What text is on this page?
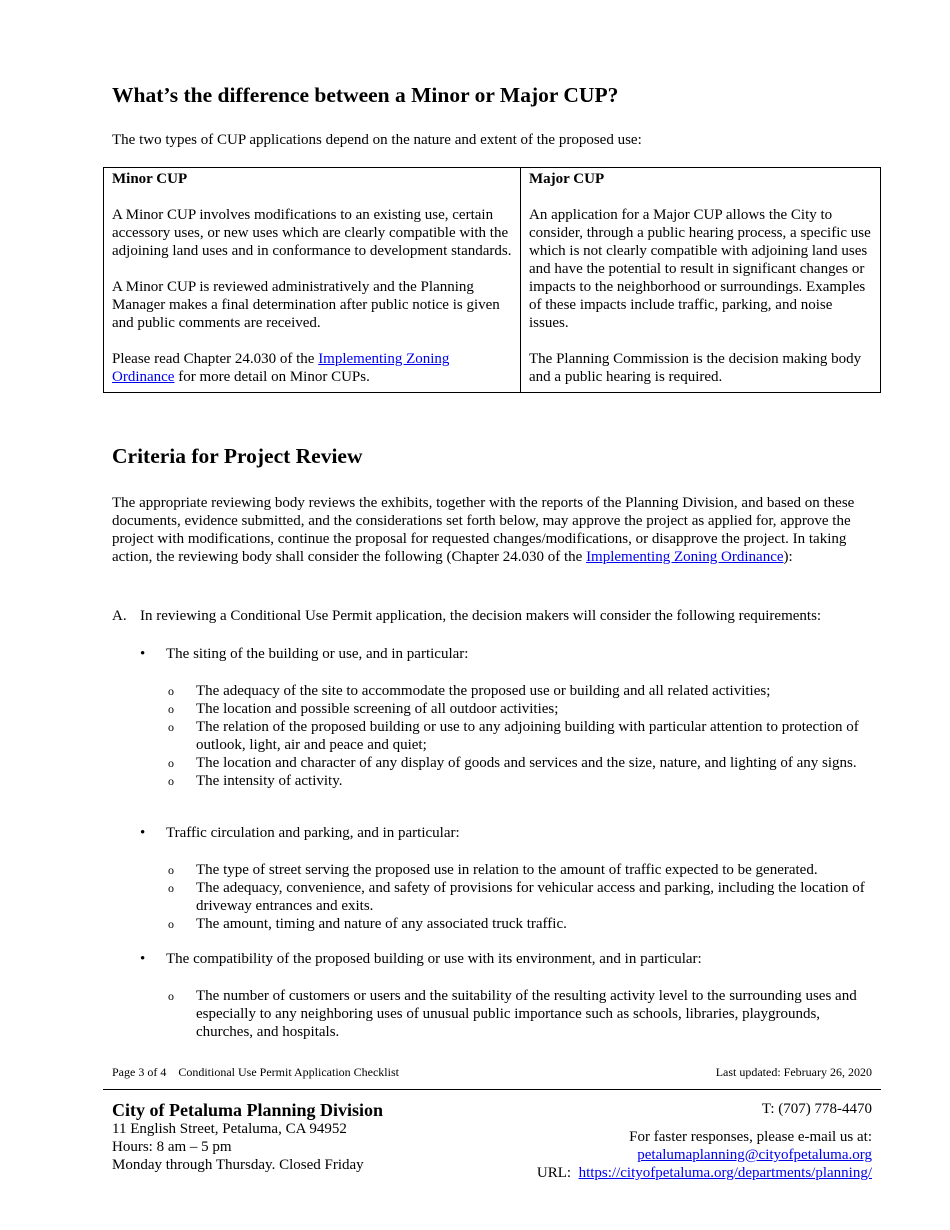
What’s the difference between a Minor or Major CUP?

The two types of CUP applications depend on the nature and extent of the proposed use:

Minor CUP

A Minor CUP involves modifications to an existing use, certain accessory uses, or new uses which are clearly compatible with the adjoining land uses and in conformance to development standards.

A Minor CUP is reviewed administratively and the Planning Manager makes a final determination after public notice is given and public comments are received.

Please read Chapter 24.030 of the Implementing Zoning Ordinance for more detail on Minor CUPs.

Major CUP

An application for a Major CUP allows the City to consider, through a public hearing process, a specific use which is not clearly compatible with adjoining land uses and have the potential to result in significant changes or impacts to the neighborhood or surroundings. Examples of these impacts include traffic, parking, and noise issues.

The Planning Commission is the decision making body and a public hearing is required.

Criteria for Project Review

The appropriate reviewing body reviews the exhibits, together with the reports of the Planning Division, and based on these documents, evidence submitted, and the considerations set forth below, may approve the project as applied for, approve the project with modifications, continue the proposal for requested changes/modifications, or disapprove the project. In taking action, the reviewing body shall consider the following (Chapter 24.030 of the Implementing Zoning Ordinance):

A. In reviewing a Conditional Use Permit application, the decision makers will consider the following requirements:
• The siting of the building or use, and in particular:
o The adequacy of the site to accommodate the proposed use or building and all related activities;
o The location and possible screening of all outdoor activities;
o The relation of the proposed building or use to any adjoining building with particular attention to protection of outlook, light, air and peace and quiet;
o The location and character of any display of goods and services and the size, nature, and lighting of any signs.
o The intensity of activity.
• Traffic circulation and parking, and in particular:
o The type of street serving the proposed use in relation to the amount of traffic expected to be generated.
o The adequacy, convenience, and safety of provisions for vehicular access and parking, including the location of driveway entrances and exits.
o The amount, timing and nature of any associated truck traffic.
• The compatibility of the proposed building or use with its environment, and in particular:
o The number of customers or users and the suitability of the resulting activity level to the surrounding uses and especially to any neighboring uses of unusual public importance such as schools, libraries, playgrounds, churches, and hospitals.
Page 3 of 4 Conditional Use Permit Application Checklist	Last updated: February 26, 2020
City of Petaluma Planning Division
11 English Street, Petaluma, CA 94952
Hours: 8 am – 5 pm
Monday through Thursday. Closed Friday
T: (707) 778-4470
For faster responses, please e-mail us at:
petalumaplanning@cityofpetaluma.org
URL: https://cityofpetaluma.org/departments/planning/
